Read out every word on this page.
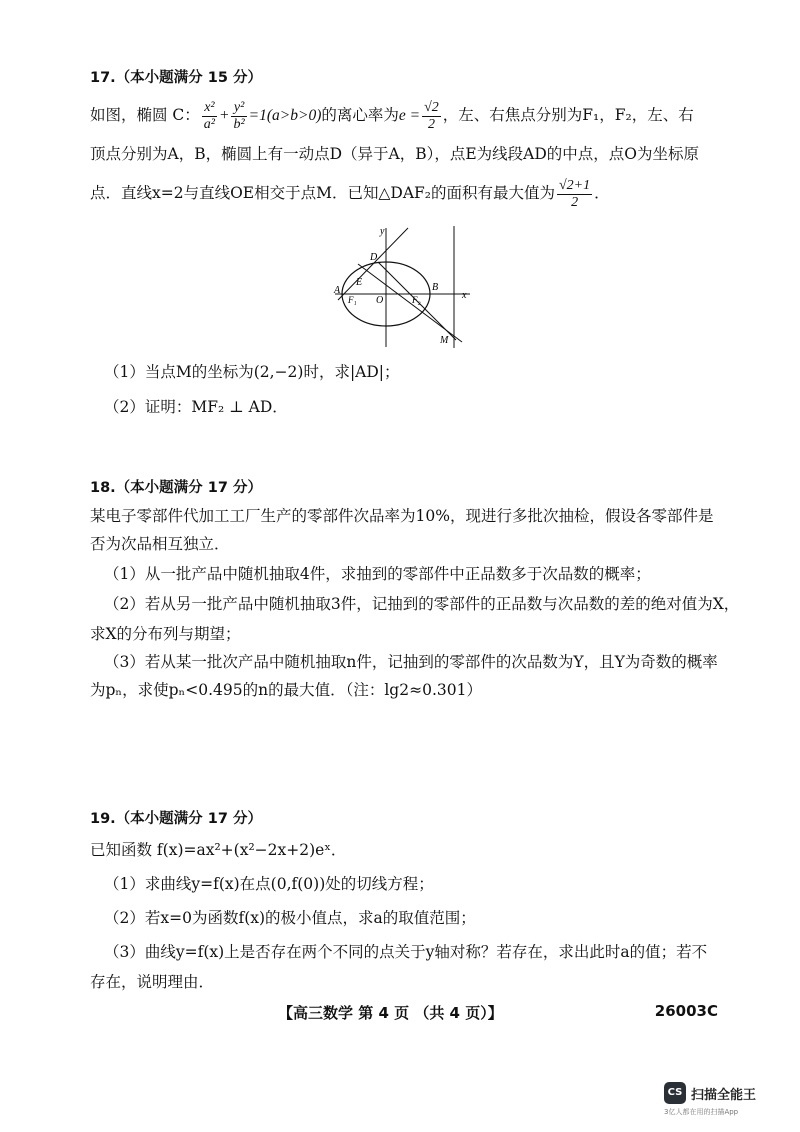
17.（本小题满分 15 分）
如图，椭圆 C： $\frac{\text{x²}}{\text{a²}} + \frac{\text{y²}}{\text{b²}} =1(a>b>0)$的离心率为$e = \frac{√2}{2}$ ，左、右焦点分别为F₁，F₂，左、右
顶点分别为A，B，椭圆上有一动点D（异于A，B），点E为线段AD的中点，点O为坐标原
点．直线x=2与直线OE相交于点M．已知△DAF₂的面积有最大值为 $\frac{√2+1}{2}$ ．
y
x
D
E
A
F₁ O	F₂
B
M
（1）当点M的坐标为(2,−2)时，求|AD|；
（2）证明：MF₂ ⊥ AD．
18.（本小题满分 17 分）
某电子零部件代加工工厂生产的零部件次品率为10%，现进行多批次抽检，假设各零部件是
否为次品相互独立．
（1）从一批产品中随机抽取4件，求抽到的零部件中正品数多于次品数的概率；
（2）若从另一批产品中随机抽取3件，记抽到的零部件的正品数与次品数的差的绝对值为X，
求X的分布列与期望；
（3）若从某一批次产品中随机抽取n件，记抽到的零部件的次品数为Y，且Y为奇数的概率
为pₙ，求使pₙ<0.495的n的最大值．（注：lg2≈0.301）
19.（本小题满分 17 分）
已知函数 f(x)=ax²+(x²−2x+2)eˣ．
（1）求曲线y=f(x)在点(0,f(0))处的切线方程；
（2）若x=0为函数f(x)的极小值点，求a的取值范围；
（3）曲线y=f(x)上是否存在两个不同的点关于y轴对称？若存在，求出此时a的值；若不
存在，说明理由．
【高三数学 第 4 页 （共 4 页）】	26003C
CS 扫描全能王
3亿人都在用的扫描App
